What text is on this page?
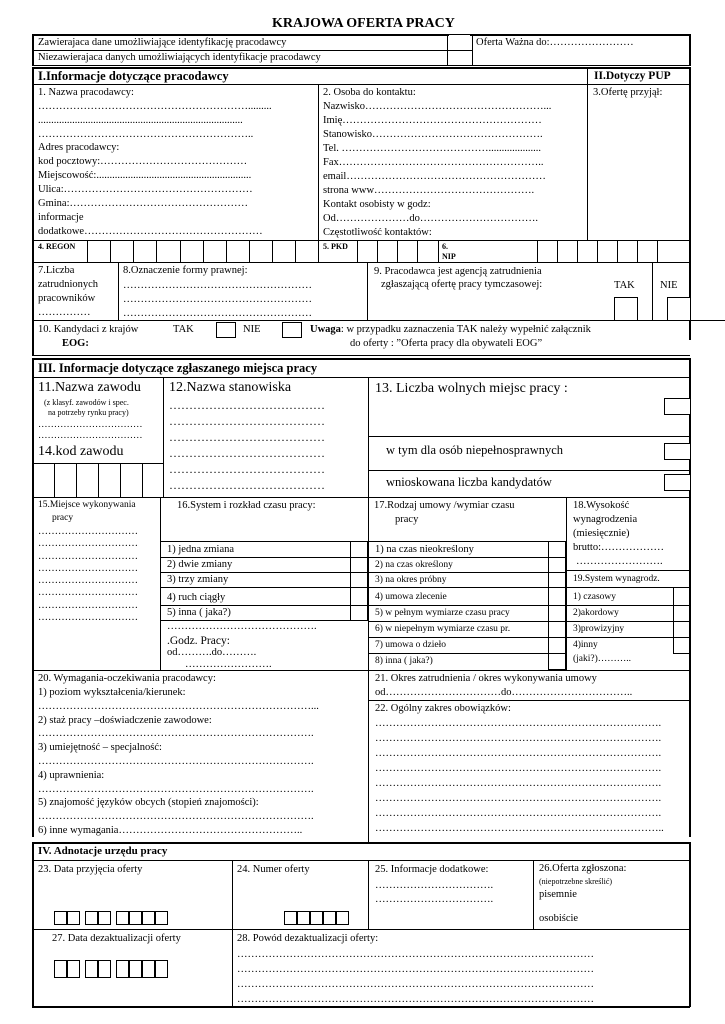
KRAJOWA OFERTA PRACY
Zawierajaca dane umożliwiające identyfikację pracodawcy
Niezawierajaca danych umożliwiających identyfikacje pracodawcy
Oferta Ważna do:……………………
I.Informacje dotyczące pracodawcy	II.Dotyczy PUP
1. Nazwa pracodawcy:
…………………………………………………….........
..............................................................................
……………………………………………………..
Adres pracodawcy:
kod pocztowy:……………………………………
Miejscowość:...........................................................
Ulica:………………………………………………
Gmina:……………………………………………
informacje
dodatkowe……………………………………………
2. Osoba do kontaktu:
Nazwisko……………………………………………...
Imię…………………………………………………
Stanowisko………………………………………….
Tel. ……………………………………....................
Fax…………………………………………………..
email…………………………………………………
strona www……………………………………….
Kontakt osobisty w godz:
Od…………………do…………………………….
Częstotliwość kontaktów:
3.Ofertę przyjął:
4. REGON	5. PKD	6.
NIP
7.Liczba
zatrudnionych
pracowników
……………
8.Oznaczenie formy prawnej:
………………………………………………
………………………………………………
………………………………………………
9. Pracodawca jest agencją zatrudnienia
zgłaszającą ofertę pracy tymczasowej:	TAK NIE
10. Kandydaci z krajów
EOG:
TAK	NIE	Uwaga: w przypadku zaznaczenia TAK należy wypełnić załącznik
do oferty : ”Oferta pracy dla obywateli EOG”
III. Informacje dotyczące zgłaszanego miejsca pracy
11.Nazwa zawodu
(z klasyf. zawodów i spec.
na potrzeby rynku pracy)
……………………………
……………………………
14.kod zawodu
12.Nazwa stanowiska
…………………………………
…………………………………
…………………………………
…………………………………
…………………………………
…………………………………
13. Liczba wolnych miejsc pracy :
w tym dla osób niepełnosprawnych
wnioskowana liczba kandydatów
15.Miejsce wykonywania
pracy
…………………………
…………………………
…………………………
…………………………
…………………………
…………………………
…………………………
…………………………
16.System i rozkład czasu pracy:
1) jedna zmiana
2) dwie zmiany
3) trzy zmiany
4) ruch ciągły
5) inna ( jaka?)
…………………………………….
.Godz. Pracy:
od……….do……….
…………………….
17.Rodzaj umowy /wymiar czasu
pracy
1) na czas nieokreślony
2) na czas określony
3) na okres próbny
4) umowa zlecenie
5) w pełnym wymiarze czasu pracy
6) w niepełnym wymiarze czasu pr.
7) umowa o dzieło
8) inna ( jaka?)
18.Wysokość
wynagrodzenia
(miesięcznie)
brutto:………………
…………………….
19.System wynagrodz.
1) czasowy
2)akordowy
3)prowizyjny
4)inny
(jaki?)………..
20. Wymagania-oczekiwania pracodawcy:
1) poziom wykształcenia/kierunek:
……………………………………………………………………...
2) staż pracy –doświadczenie zawodowe:
…………………………………………………………………….
3) umiejętność – specjalność:
…………………………………………………………………….
4) uprawnienia:
…………………………………………………………………….
5) znajomość języków obcych (stopień znajomości):
…………………………………………………………………….
6) inne wymagania……………………………………………..
21. Okres zatrudnienia / okres wykonywania umowy
od……………………………do……………………………..
22. Ogólny zakres obowiązków:
……………………………………………………………………….
……………………………………………………………………….
……………………………………………………………………….
……………………………………………………………………….
……………………………………………………………………….
……………………………………………………………………….
……………………………………………………………………….
………………………………………………………………………..
IV. Adnotacje urzędu pracy
23. Data przyjęcia oferty	24. Numer oferty	25. Informacje dodatkowe:
…………………………….
…………………………….
26.Oferta zgłoszona:
(niepotrzebne skreślić)
pisemnie
osobiście
27. Data dezaktualizacji oferty	28. Powód dezaktualizacji oferty:
…………………………………………………………………………………………
…………………………………………………………………………………………
…………………………………………………………………………………………
…………………………………………………………………………………………
